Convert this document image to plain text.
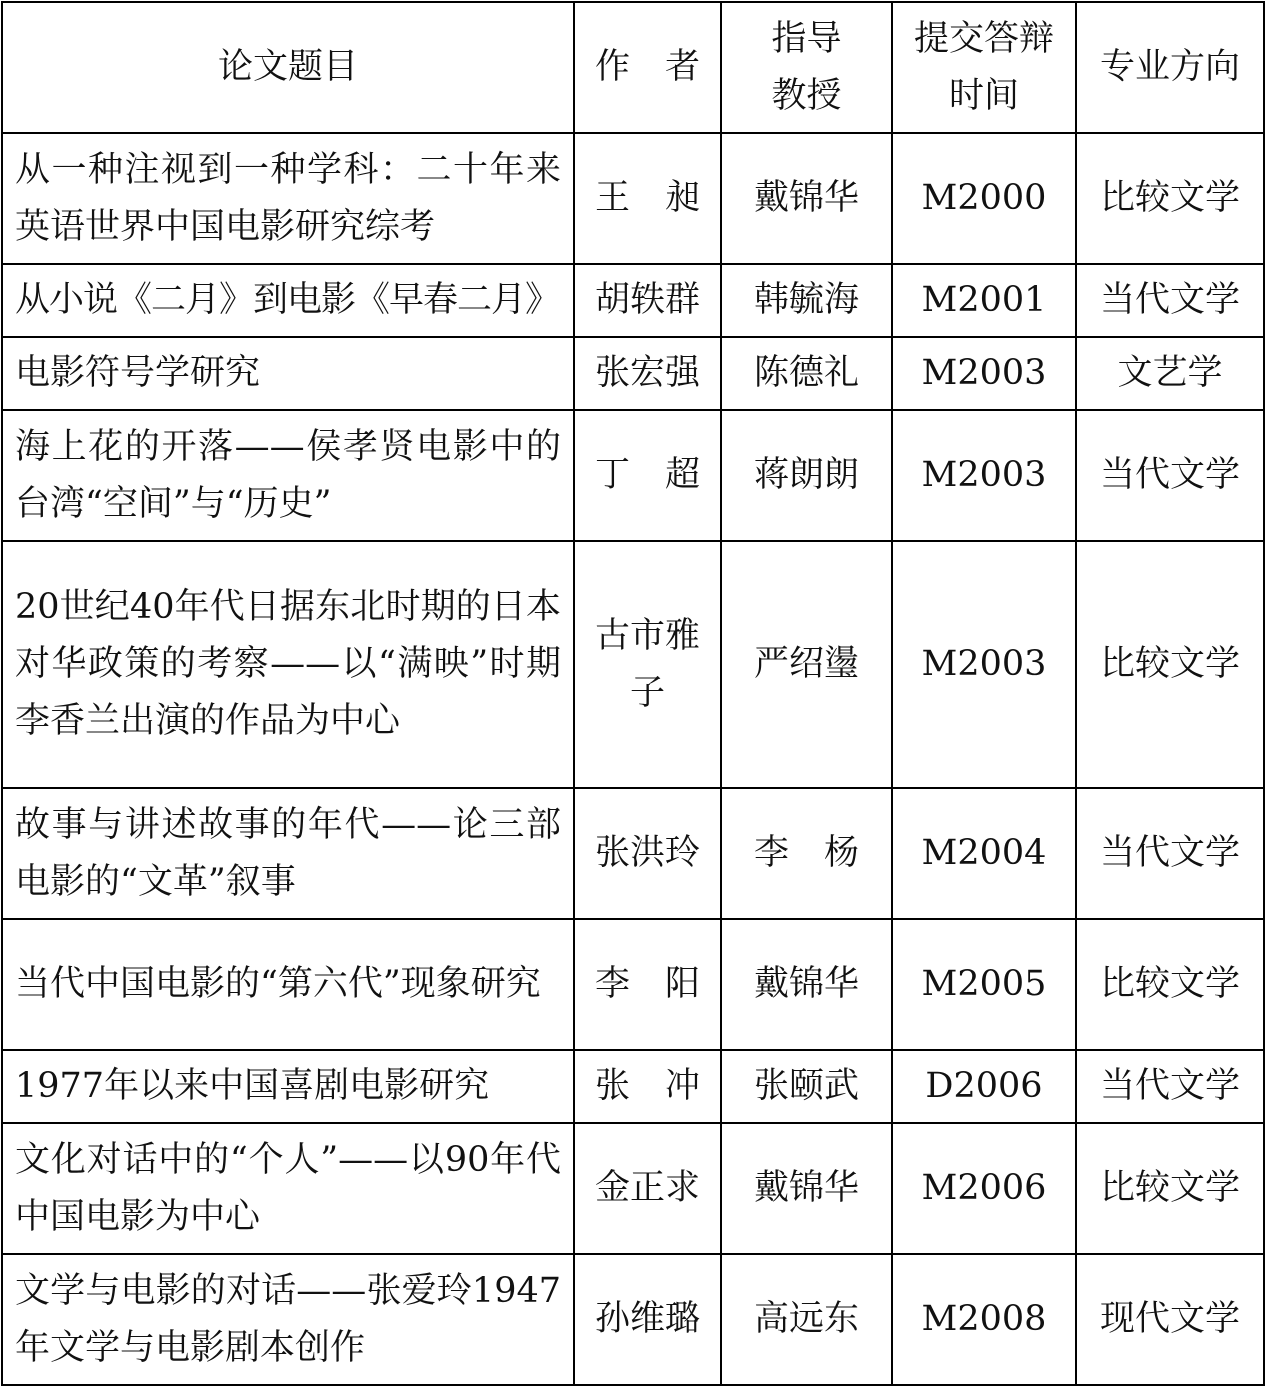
论文题目	作　者	指导教授	提交答辩时间	专业方向
从一种注视到一种学科：二十年来英语世界中国电影研究综考	王　昶	戴锦华	M2000	比较文学
从小说《二月》到电影《早春二月》	胡轶群	韩毓海	M2001	当代文学
电影符号学研究	张宏强	陈德礼	M2003	文艺学
海上花的开落——侯孝贤电影中的台湾“空间”与“历史”	丁　超	蒋朗朗	M2003	当代文学
20世纪40年代日据东北时期的日本对华政策的考察——以“满映”时期李香兰出演的作品为中心	古市雅子	严绍璗	M2003	比较文学
故事与讲述故事的年代——论三部电影的“文革”叙事	张洪玲	李　杨	M2004	当代文学
当代中国电影的“第六代”现象研究	李　阳	戴锦华	M2005	比较文学
1977年以来中国喜剧电影研究	张　冲	张颐武	D2006	当代文学
文化对话中的“个人”——以90年代中国电影为中心	金正求	戴锦华	M2006	比较文学
文学与电影的对话——张爱玲1947年文学与电影剧本创作	孙维璐	高远东	M2008	现代文学
